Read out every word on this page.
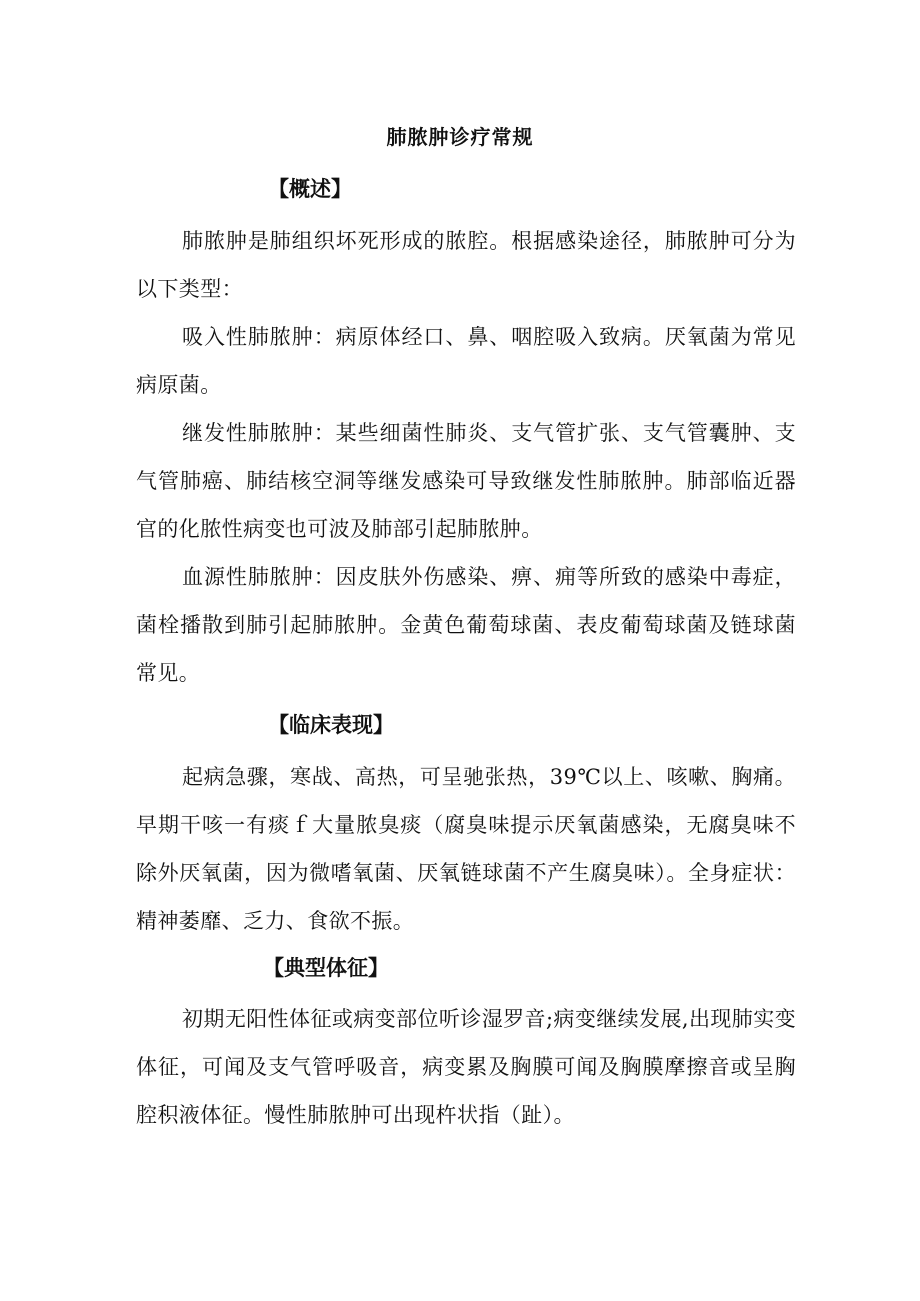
肺脓肿诊疗常规
【概述】
肺脓肿是肺组织坏死形成的脓腔。根据感染途径，肺脓肿可分为以下类型：
吸入性肺脓肿：病原体经口、鼻、咽腔吸入致病。厌氧菌为常见病原菌。
继发性肺脓肿：某些细菌性肺炎、支气管扩张、支气管囊肿、支气管肺癌、肺结核空洞等继发感染可导致继发性肺脓肿。肺部临近器官的化脓性病变也可波及肺部引起肺脓肿。
血源性肺脓肿：因皮肤外伤感染、痹、痈等所致的感染中毒症，菌栓播散到肺引起肺脓肿。金黄色葡萄球菌、表皮葡萄球菌及链球菌常见。
【临床表现】
起病急骤，寒战、高热，可呈驰张热，39℃以上、咳嗽、胸痛。早期干咳一有痰ｆ大量脓臭痰（腐臭味提示厌氧菌感染，无腐臭味不除外厌氧菌，因为微嗜氧菌、厌氧链球菌不产生腐臭味）。全身症状：精神萎靡、乏力、食欲不振。
【典型体征】
初期无阳性体征或病变部位听诊湿罗音;病变继续发展,出现肺实变体征，可闻及支气管呼吸音，病变累及胸膜可闻及胸膜摩擦音或呈胸腔积液体征。慢性肺脓肿可出现杵状指（趾）。
